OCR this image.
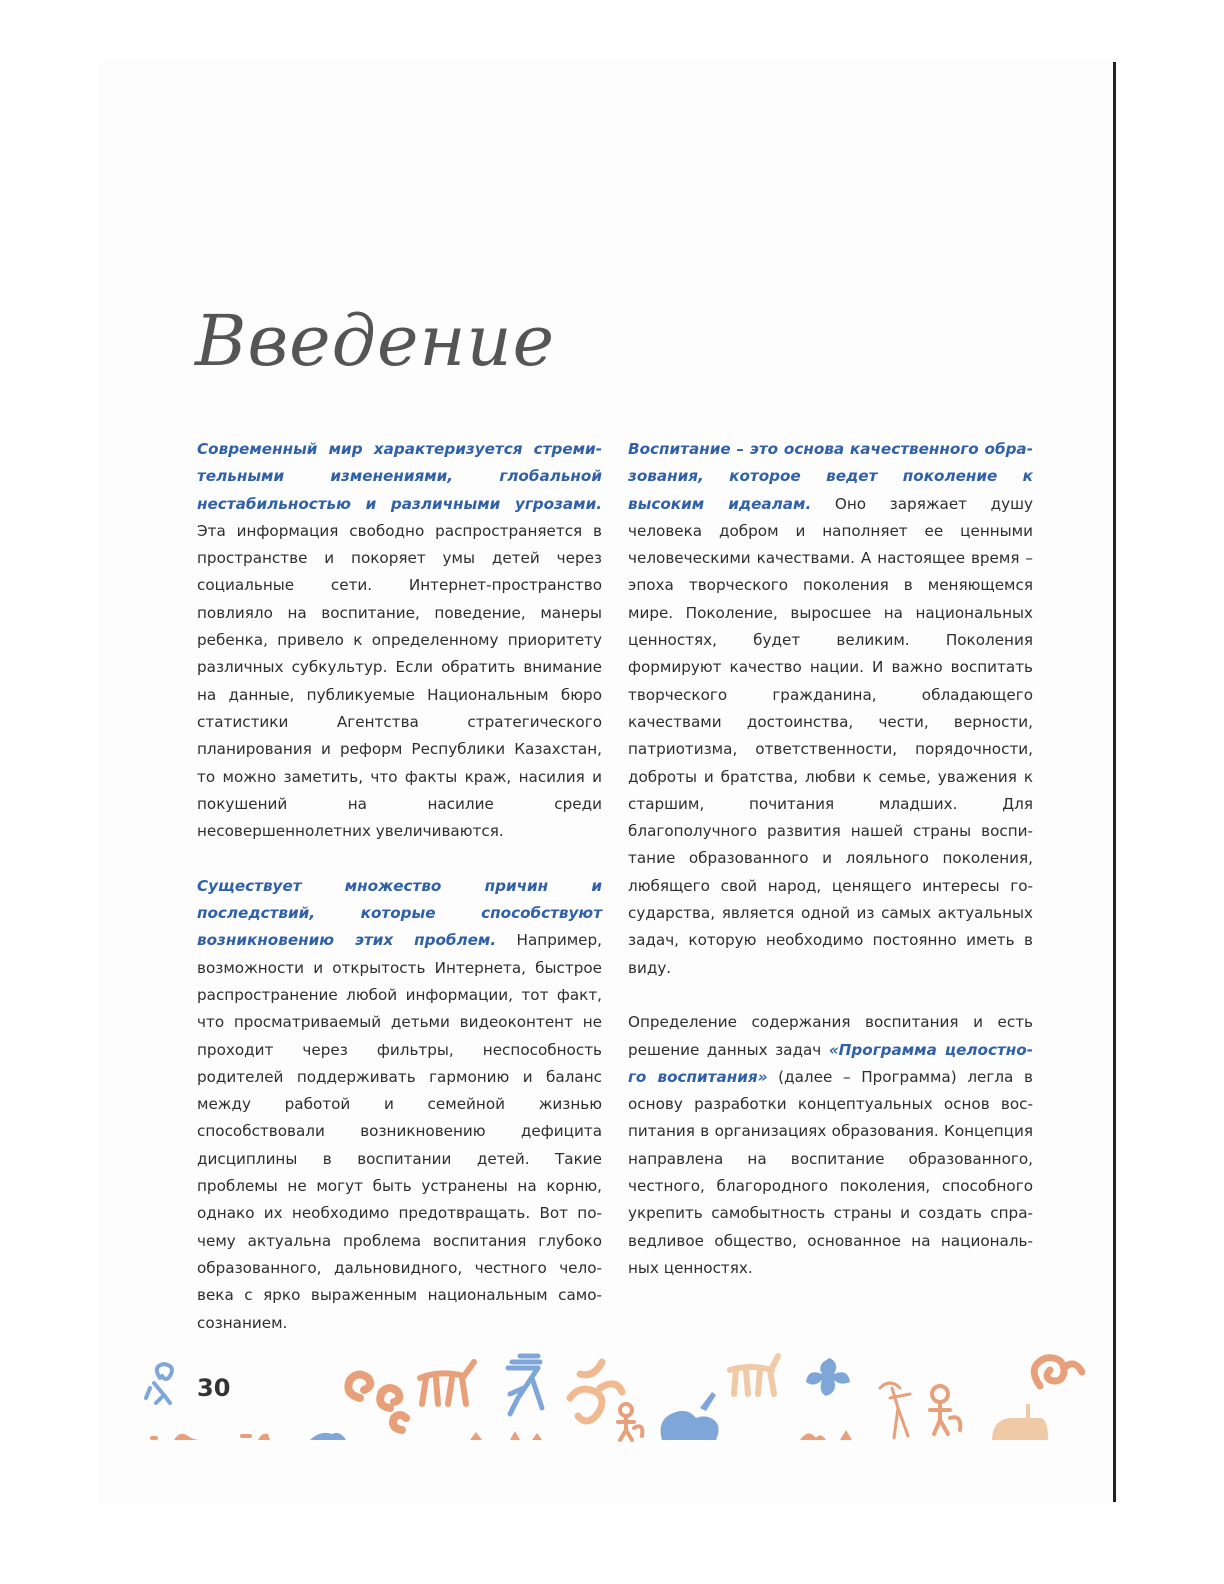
Введение

Современный мир характеризуется стремительными изменениями, глобальной нестабильностью и различными угрозами. Эта информация свободно распространяется в пространстве и покоряет умы детей через социальные сети. Интернет-пространство повлияло на воспитание, поведение, манеры ребенка, привело к определенному приоритету различных субкультур. Если обратить внимание на данные, публикуемые Национальным бюро статистики Агентства стратегического планирования и реформ Республики Казахстан, то можно заметить, что факты краж, насилия и покушений на насилие среди несовершеннолетних увеличиваются.

Существует множество причин и последствий, которые способствуют возникновению этих проблем. Например, возможности и открытость Интернета, быстрое распространение любой информации, тот факт, что просматриваемый детьми видеоконтент не проходит через фильтры, неспособность родителей поддерживать гармонию и баланс между работой и семейной жизнью способствовали возникновению дефицита дисциплины в воспитании детей. Такие проблемы не могут быть устранены на корню, однако их необходимо предотвращать. Вот почему актуальна проблема воспитания глубоко образованного, дальновидного, честного человека с ярко выраженным национальным самосознанием.

Воспитание – это основа качественного образования, которое ведет поколение к высоким идеалам. Оно заряжает душу человека добром и наполняет ее ценными человеческими качествами. А настоящее время – эпоха творческого поколения в меняющемся мире. Поколение, выросшее на национальных ценностях, будет великим. Поколения формируют качество нации. И важно воспитать творческого гражданина, обладающего качествами достоинства, чести, верности, патриотизма, ответственности, порядочности, доброты и братства, любви к семье, уважения к старшим, почитания младших. Для благополучного развития нашей страны воспитание образованного и лояльного поколения, любящего свой народ, ценящего интересы государства, является одной из самых актуальных задач, которую необходимо постоянно иметь в виду.

Определение содержания воспитания и есть решение данных задач «Программа целостного воспитания» (далее – Программа) легла в основу разработки концептуальных основ воспитания в организациях образования. Концепция направлена на воспитание образованного, честного, благородного поколения, способного укрепить самобытность страны и создать справедливое общество, основанное на национальных ценностях.

30
